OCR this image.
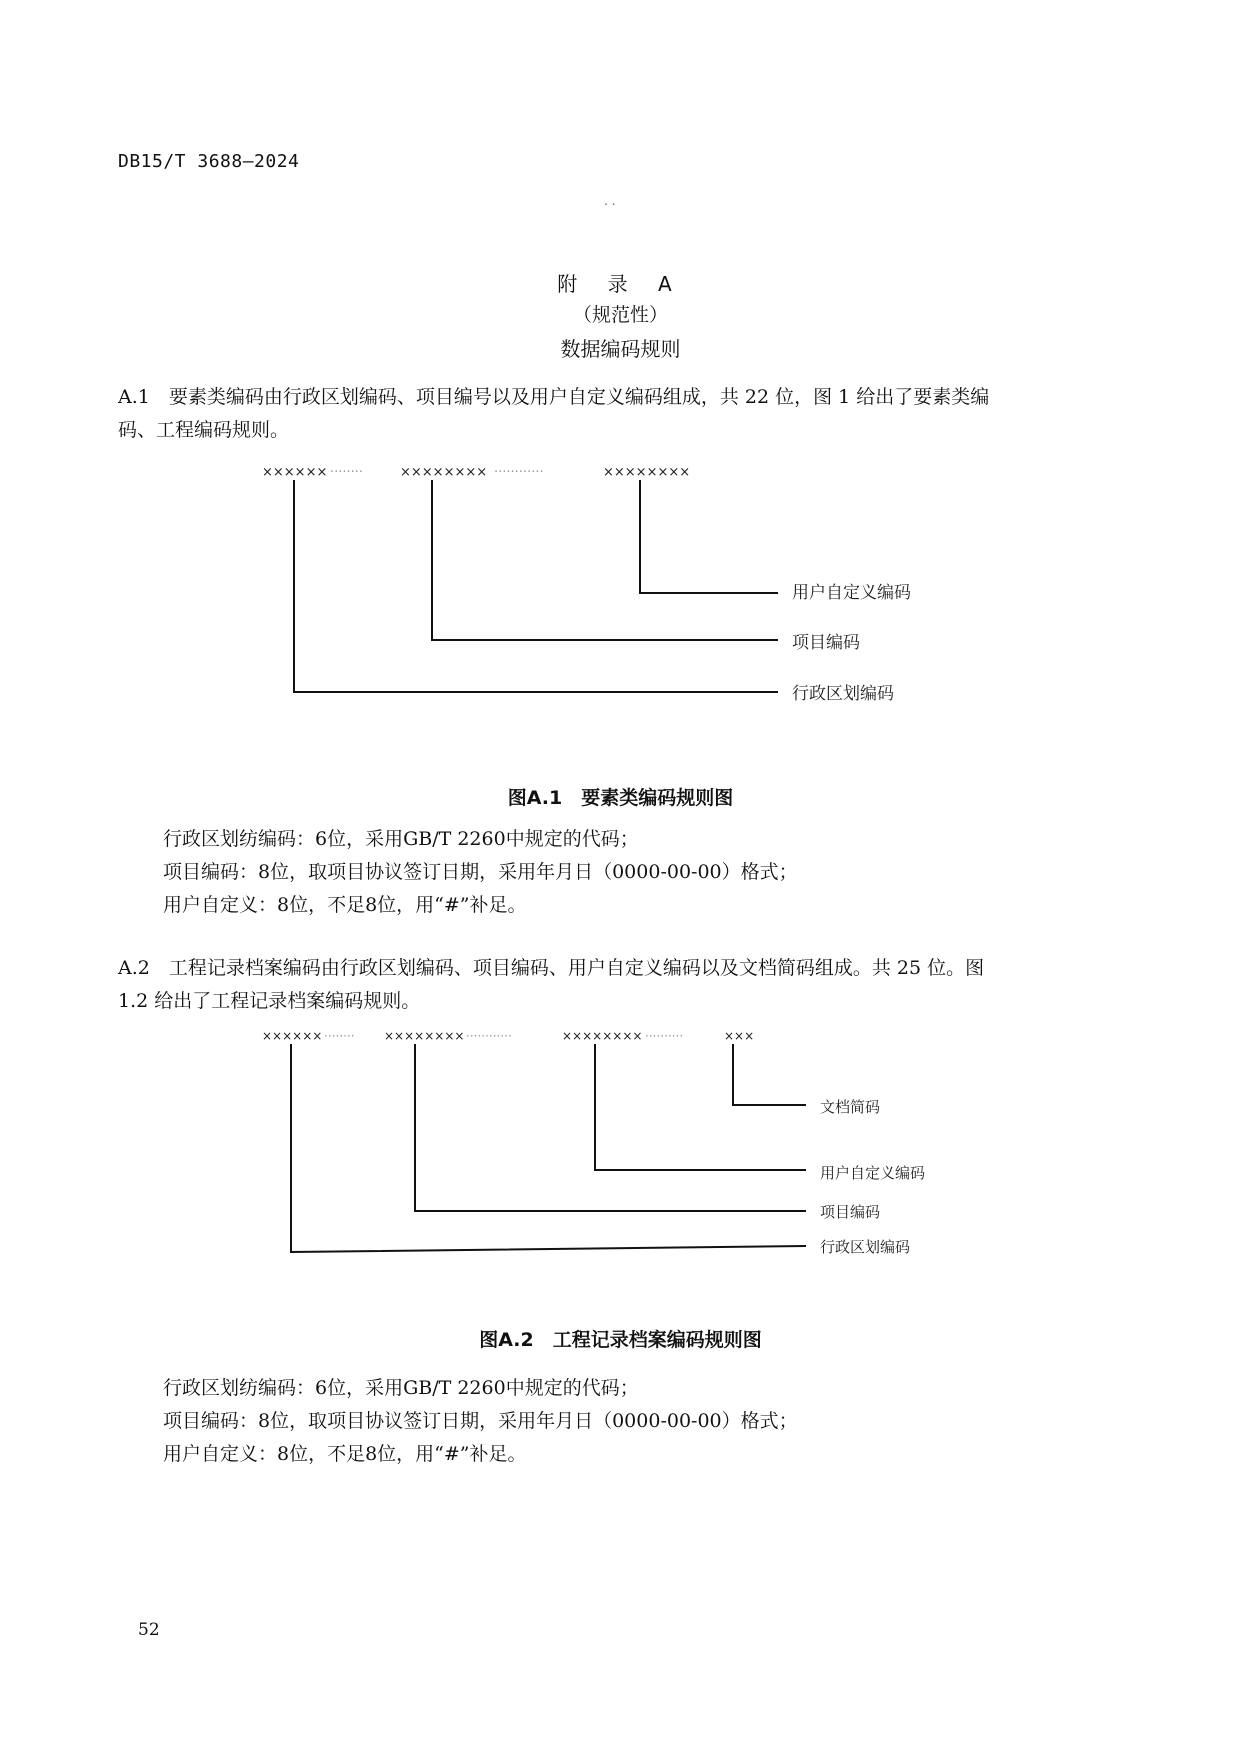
DB15/T 3688—2024
. .
附 录 A
（规范性）
数据编码规则
A.1　要素类编码由行政区划编码、项目编号以及用户自定义编码组成，共 22 位，图 1 给出了要素类编
码、工程编码规则。
×××××× ········	×××××××× ············	××××××××
用户自定义编码
项目编码
行政区划编码
×××××× ········ ×××××××× ············	×××××××× ··········	×××
文档简码
用户自定义编码
项目编码
行政区划编码
图A.1　要素类编码规则图
行政区划纺编码：6位，采用GB/T 2260中规定的代码；
项目编码：8位，取项目协议签订日期，采用年月日（0000-00-00）格式；
用户自定义：8位，不足8位，用“#”补足。
A.2　工程记录档案编码由行政区划编码、项目编码、用户自定义编码以及文档简码组成。共 25 位。图
1.2 给出了工程记录档案编码规则。
图A.2　工程记录档案编码规则图
行政区划纺编码：6位，采用GB/T 2260中规定的代码；
项目编码：8位，取项目协议签订日期，采用年月日（0000-00-00）格式；
用户自定义：8位，不足8位，用“#”补足。
52
